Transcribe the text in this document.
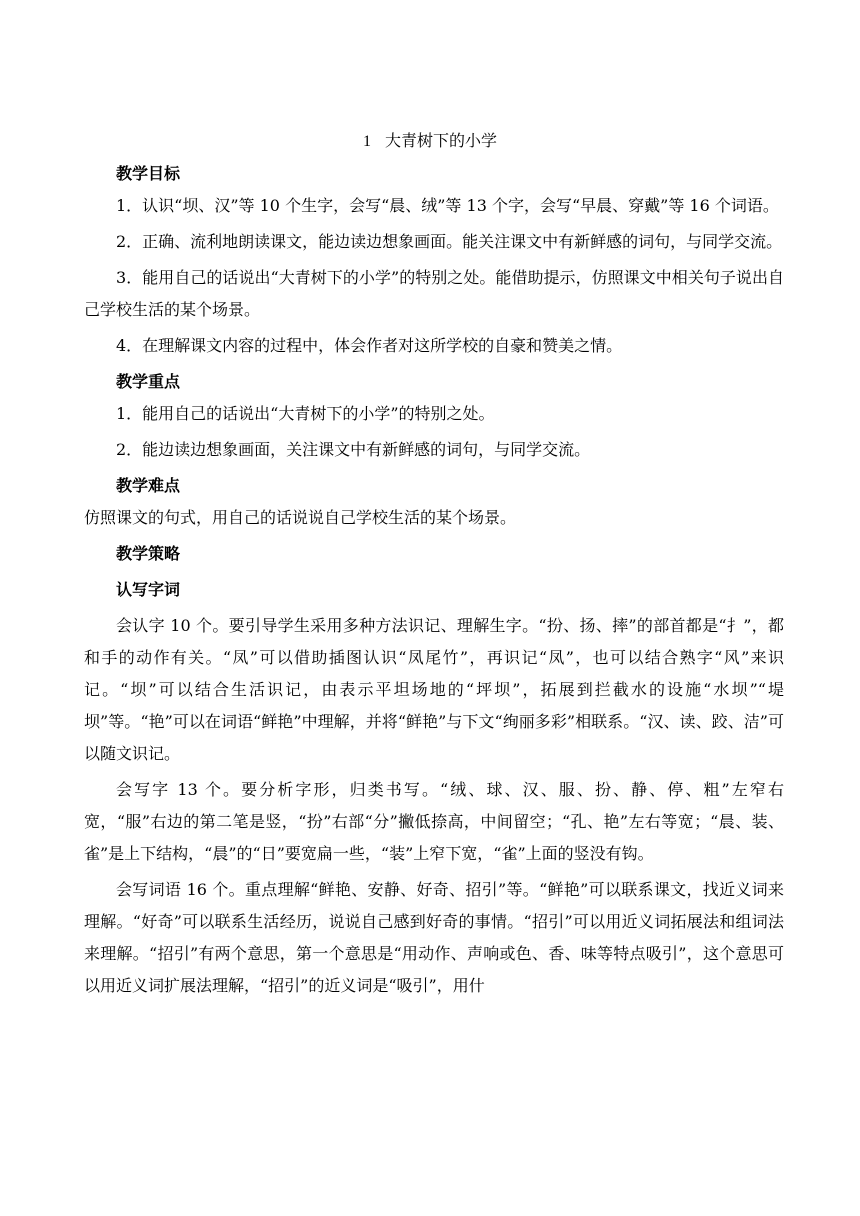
1 大青树下的小学

教学目标

1．认识“坝、汉”等 10 个生字，会写“晨、绒”等 13 个字，会写“早晨、穿戴”等 16 个词语。

2．正确、流利地朗读课文，能边读边想象画面。能关注课文中有新鲜感的词句，与同学交流。

3．能用自己的话说出“大青树下的小学”的特别之处。能借助提示，仿照课文中相关句子说出自己学校生活的某个场景。

4．在理解课文内容的过程中，体会作者对这所学校的自豪和赞美之情。

教学重点

1．能用自己的话说出“大青树下的小学”的特别之处。

2．能边读边想象画面，关注课文中有新鲜感的词句，与同学交流。

教学难点

仿照课文的句式，用自己的话说说自己学校生活的某个场景。

教学策略

认写字词

会认字 10 个。要引导学生采用多种方法识记、理解生字。“扮、扬、摔”的部首都是“扌”，都和手的动作有关。“凤”可以借助插图认识“凤尾竹”，再识记“凤”，也可以结合熟字“风”来识记。“坝”可以结合生活识记，由表示平坦场地的“坪坝”，拓展到拦截水的设施“水坝”“堤坝”等。“艳”可以在词语“鲜艳”中理解，并将“鲜艳”与下文“绚丽多彩”相联系。“汉、读、跤、洁”可以随文识记。

会写字 13 个。要分析字形，归类书写。“绒、球、汉、服、扮、静、停、粗”左窄右宽，“服”右边的第二笔是竖，“扮”右部“分”撇低捺高，中间留空；“孔、艳”左右等宽；“晨、装、雀”是上下结构，“晨”的“日”要宽扁一些，“装”上窄下宽，“雀”上面的竖没有钩。

会写词语 16 个。重点理解“鲜艳、安静、好奇、招引”等。“鲜艳”可以联系课文，找近义词来理解。“好奇”可以联系生活经历，说说自己感到好奇的事情。“招引”可以用近义词拓展法和组词法来理解。“招引”有两个意思，第一个意思是“用动作、声响或色、香、味等特点吸引”，这个意思可以用近义词扩展法理解，“招引”的近义词是“吸引”，用什
